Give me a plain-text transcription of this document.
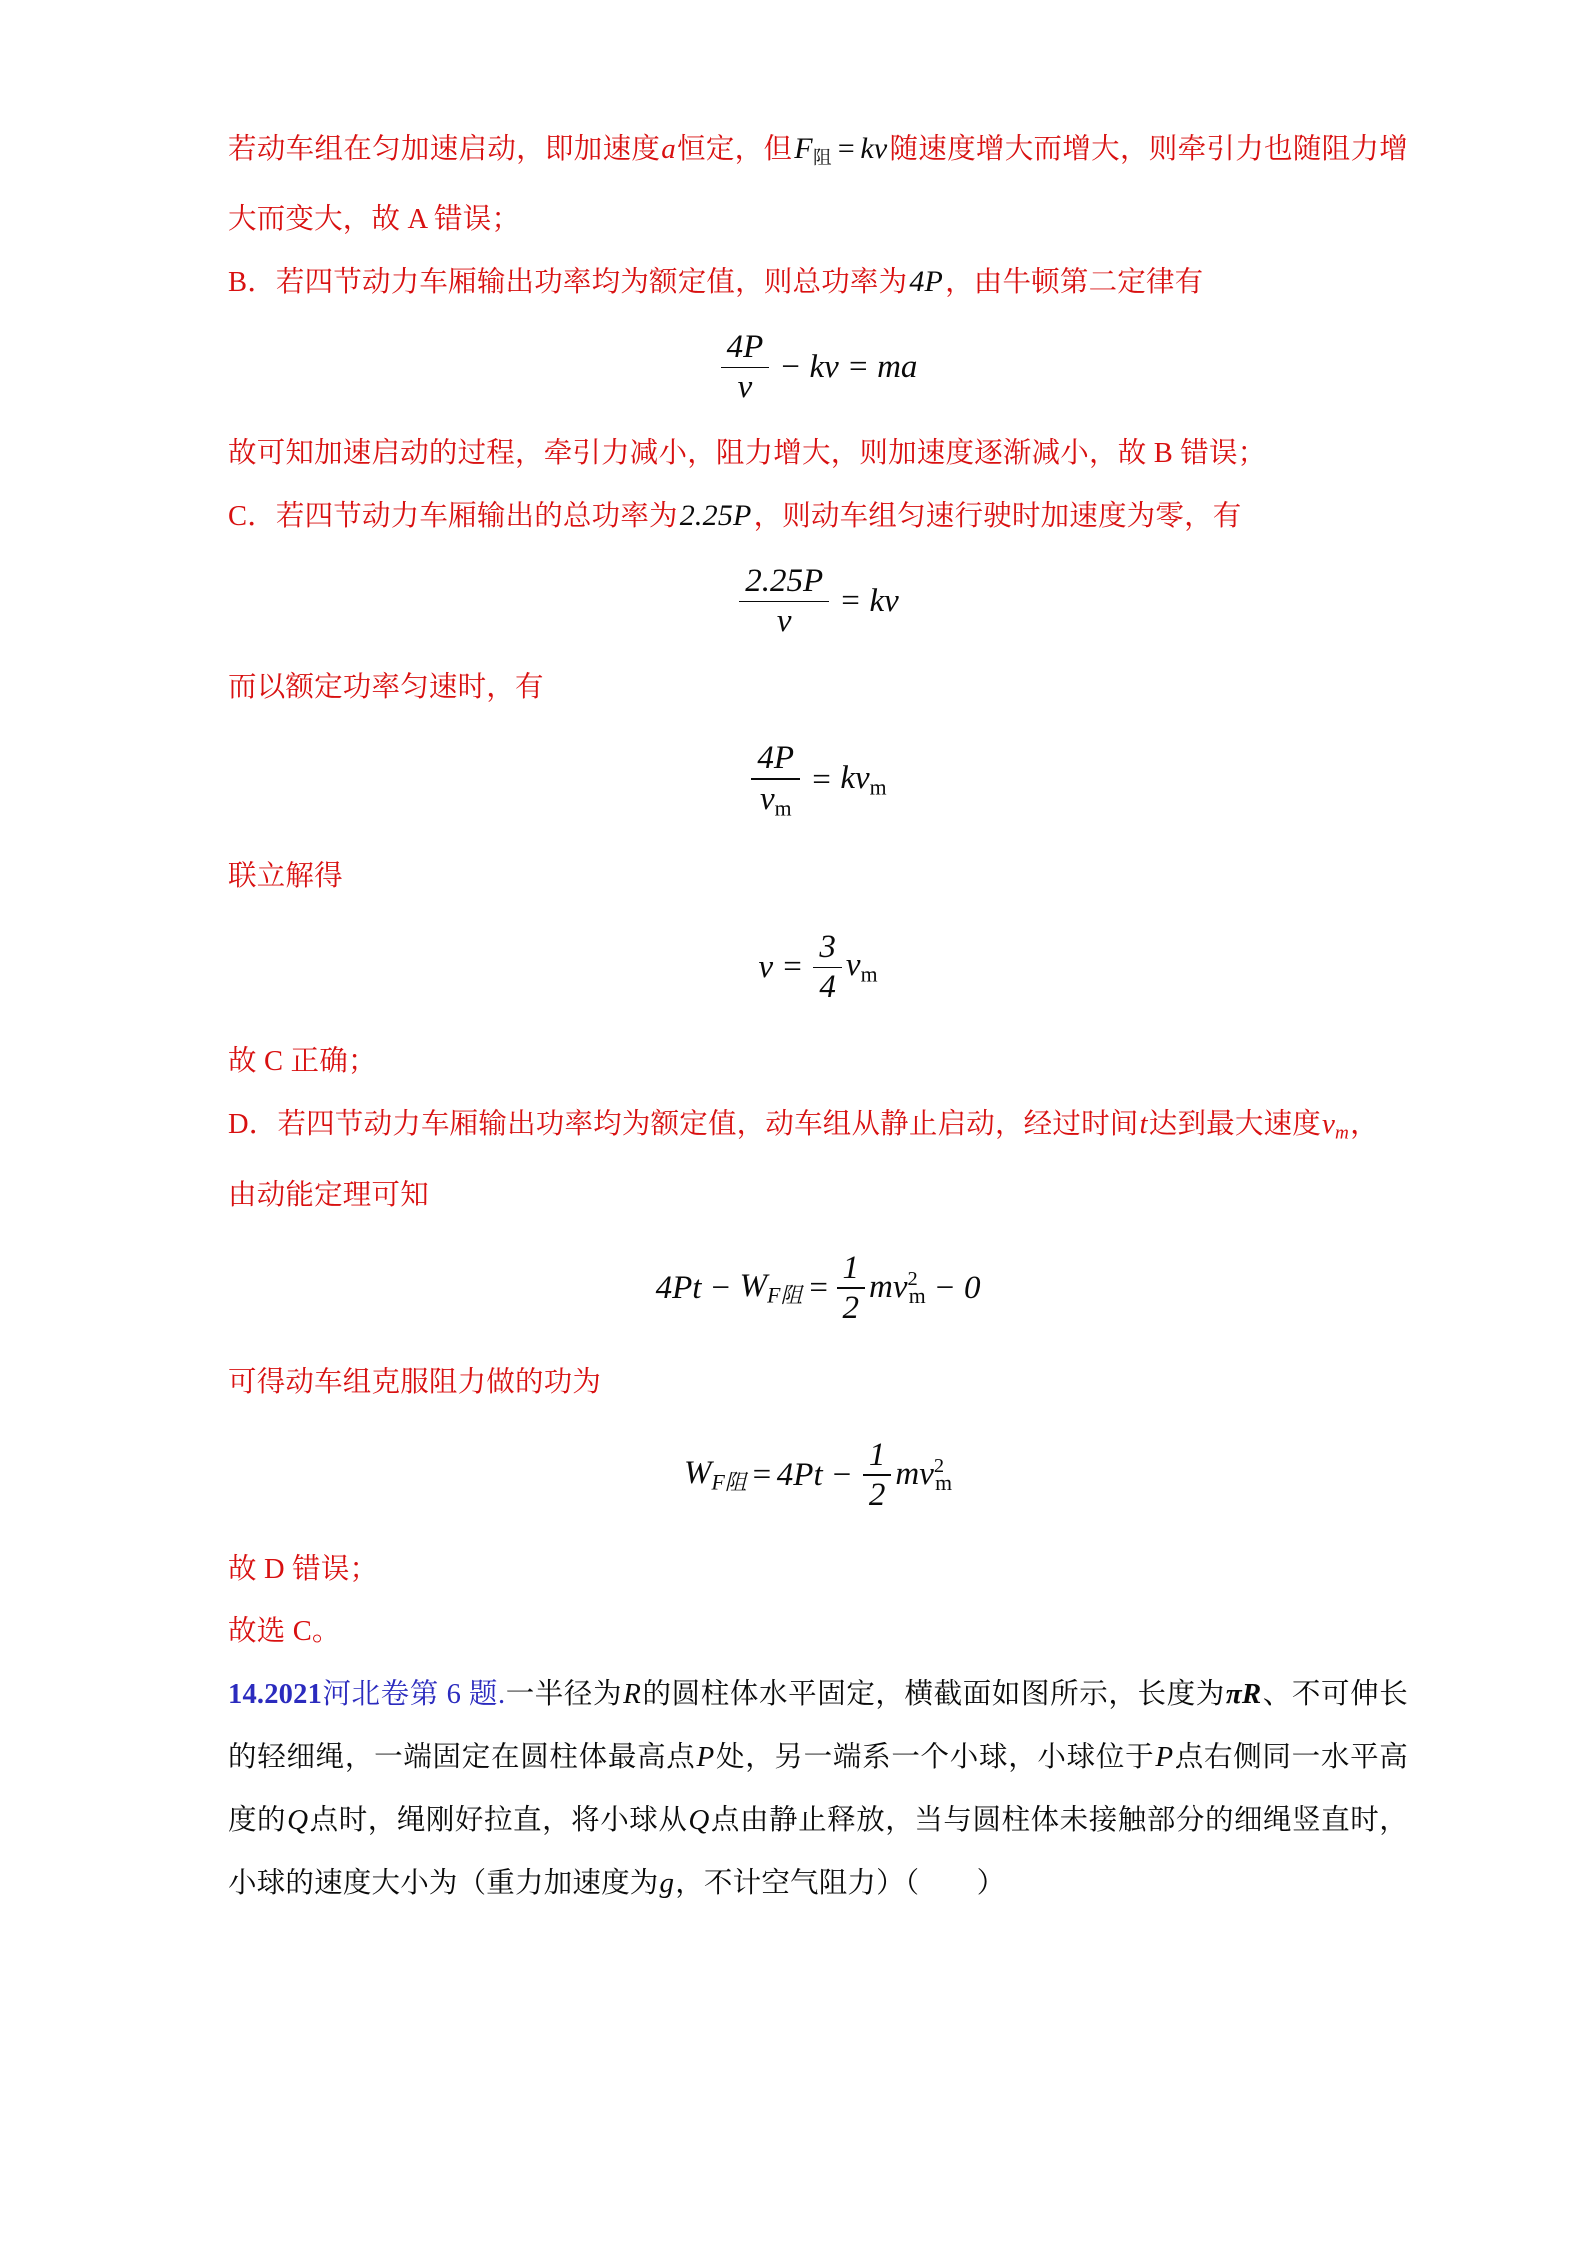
若动车组在匀加速启动，即加速度a恒定，但F阻 = kv随速度增大而增大，则牵引力也随阻力增大而变大，故 A 错误；

B．若四节动力车厢输出功率均为额定值，则总功率为4P，由牛顿第二定律有

$\frac{4P}{v}$ − kv = ma

故可知加速启动的过程，牵引力减小，阻力增大，则加速度逐渐减小，故 B 错误；

C．若四节动力车厢输出的总功率为2.25P，则动车组匀速行驶时加速度为零，有

$\frac{2.25P}{v}$ = kv

而以额定功率匀速时，有

$\frac{4P}{vm}$ = kvm

联立解得

$v = \frac{3}{4}$ vm

故 C 正确；

D．若四节动力车厢输出功率均为额定值，动车组从静止启动，经过时间t达到最大速度$v_m$，

由动能定理可知

$4Pt - W_{F阻} = \frac{1}{2} mv^2m - 0$

可得动车组克服阻力做的功为

$W_{F阻} = 4Pt - \frac{1}{2} mv^2m$

故 D 错误；

故选 C。

14.2021河北卷第 6 题.一半径为R的圆柱体水平固定，横截面如图所示，长度为πR、不可伸长的轻细绳，一端固定在圆柱体最高点P处，另一端系一个小球，小球位于P点右侧同一水平高度的Q点时，绳刚好拉直，将小球从Q点由静止释放，当与圆柱体未接触部分的细绳竖直时，小球的速度大小为（重力加速度为g，不计空气阻力）（　　）
